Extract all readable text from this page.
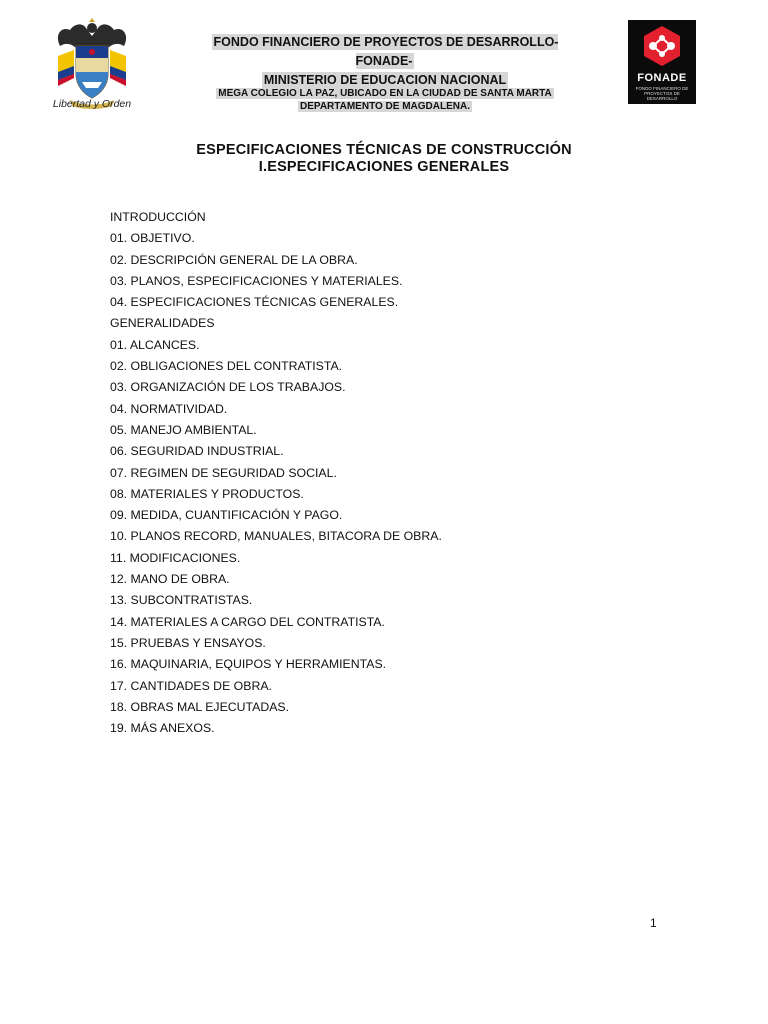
Libertad y Orden
FONDO FINANCIERO DE PROYECTOS DE DESARROLLO- FONADE-
MINISTERIO DE EDUCACION NACIONAL
MEGA COLEGIO LA PAZ, UBICADO EN LA CIUDAD DE SANTA MARTA
DEPARTAMENTO DE MAGDALENA.
FONADE
FONDO FINANCIERO DE PROYECTOS DE DESARROLLO
ESPECIFICACIONES TÉCNICAS DE CONSTRUCCIÓN
I.ESPECIFICACIONES GENERALES
INTRODUCCIÓN
01. OBJETIVO.
02. DESCRIPCIÓN GENERAL DE LA OBRA.
03. PLANOS, ESPECIFICACIONES Y MATERIALES.
04. ESPECIFICACIONES TÉCNICAS GENERALES.
GENERALIDADES
01. ALCANCES.
02. OBLIGACIONES DEL CONTRATISTA.
03. ORGANIZACIÓN DE LOS TRABAJOS.
04. NORMATIVIDAD.
05. MANEJO AMBIENTAL.
06. SEGURIDAD INDUSTRIAL.
07. REGIMEN DE SEGURIDAD SOCIAL.
08. MATERIALES Y PRODUCTOS.
09. MEDIDA, CUANTIFICACIÓN Y PAGO.
10. PLANOS RECORD, MANUALES, BITACORA DE OBRA.
11. MODIFICACIONES.
12. MANO DE OBRA.
13. SUBCONTRATISTAS.
14. MATERIALES A CARGO DEL CONTRATISTA.
15. PRUEBAS Y ENSAYOS.
16. MAQUINARIA, EQUIPOS Y HERRAMIENTAS.
17. CANTIDADES DE OBRA.
18. OBRAS MAL EJECUTADAS.
19. MÁS ANEXOS.
1
